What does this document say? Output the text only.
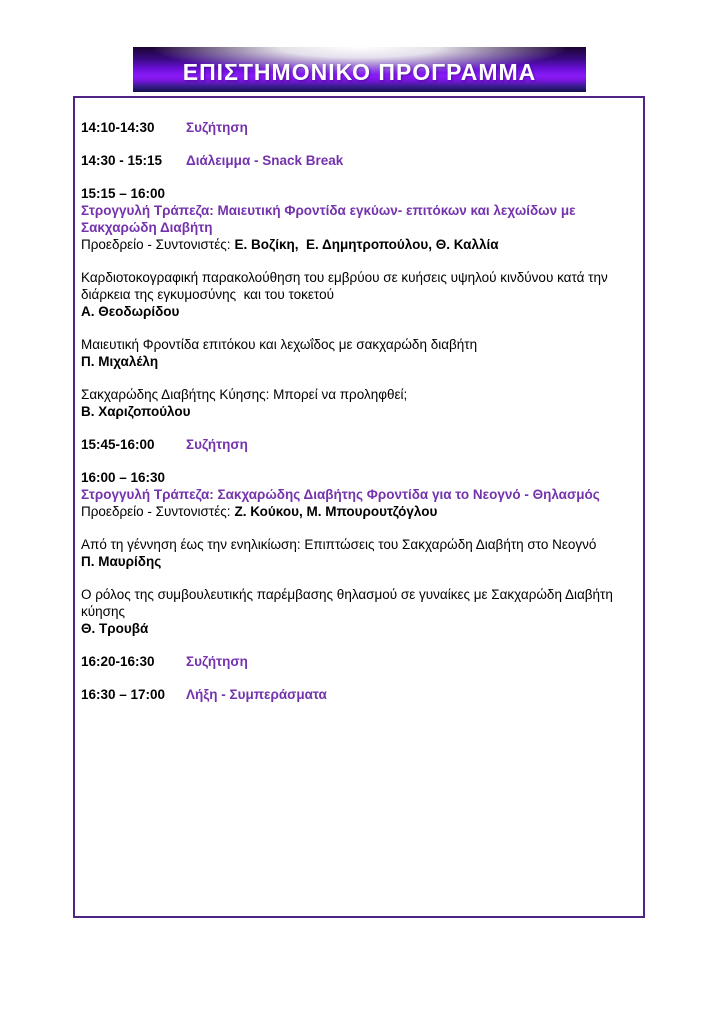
ΕΠΙΣΤΗΜΟΝΙΚΟ ΠΡΟΓΡΑΜΜΑ
14:10-14:30 Συζήτηση
14:30 - 15:15 Διάλειμμα - Snack Break
15:15 – 16:00
Στρογγυλή Τράπεζα: Μαιευτική Φροντίδα εγκύων- επιτόκων και λεχωίδων με Σακχαρώδη Διαβήτη
Προεδρείο - Συντονιστές: Ε. Βοζίκη,  Ε. Δημητροπούλου, Θ. Καλλία
Καρδιοτοκογραφική παρακολούθηση του εμβρύου σε κυήσεις υψηλού κινδύνου κατά την διάρκεια της εγκυμοσύνης  και του τοκετού
Α. Θεοδωρίδου
Μαιευτική Φροντίδα επιτόκου και λεχωΐδος με σακχαρώδη διαβήτη
Π. Μιχαλέλη
Σακχαρώδης Διαβήτης Κύησης: Μπορεί να προληφθεί;
Β. Χαριζοπούλου
15:45-16:00 Συζήτηση
16:00 – 16:30
Στρογγυλή Τράπεζα: Σακχαρώδης Διαβήτης Φροντίδα για το Νεογνό - Θηλασμός
Προεδρείο - Συντονιστές: Ζ. Κούκου, Μ. Μπουρουτζόγλου
Από τη γέννηση έως την ενηλικίωση: Επιπτώσεις του Σακχαρώδη Διαβήτη στο Νεογνό
Π. Μαυρίδης
Ο ρόλος της συμβουλευτικής παρέμβασης θηλασμού σε γυναίκες με Σακχαρώδη Διαβήτη κύησης
Θ. Τρουβά
16:20-16:30 Συζήτηση
16:30 – 17:00 Λήξη - Συμπεράσματα
